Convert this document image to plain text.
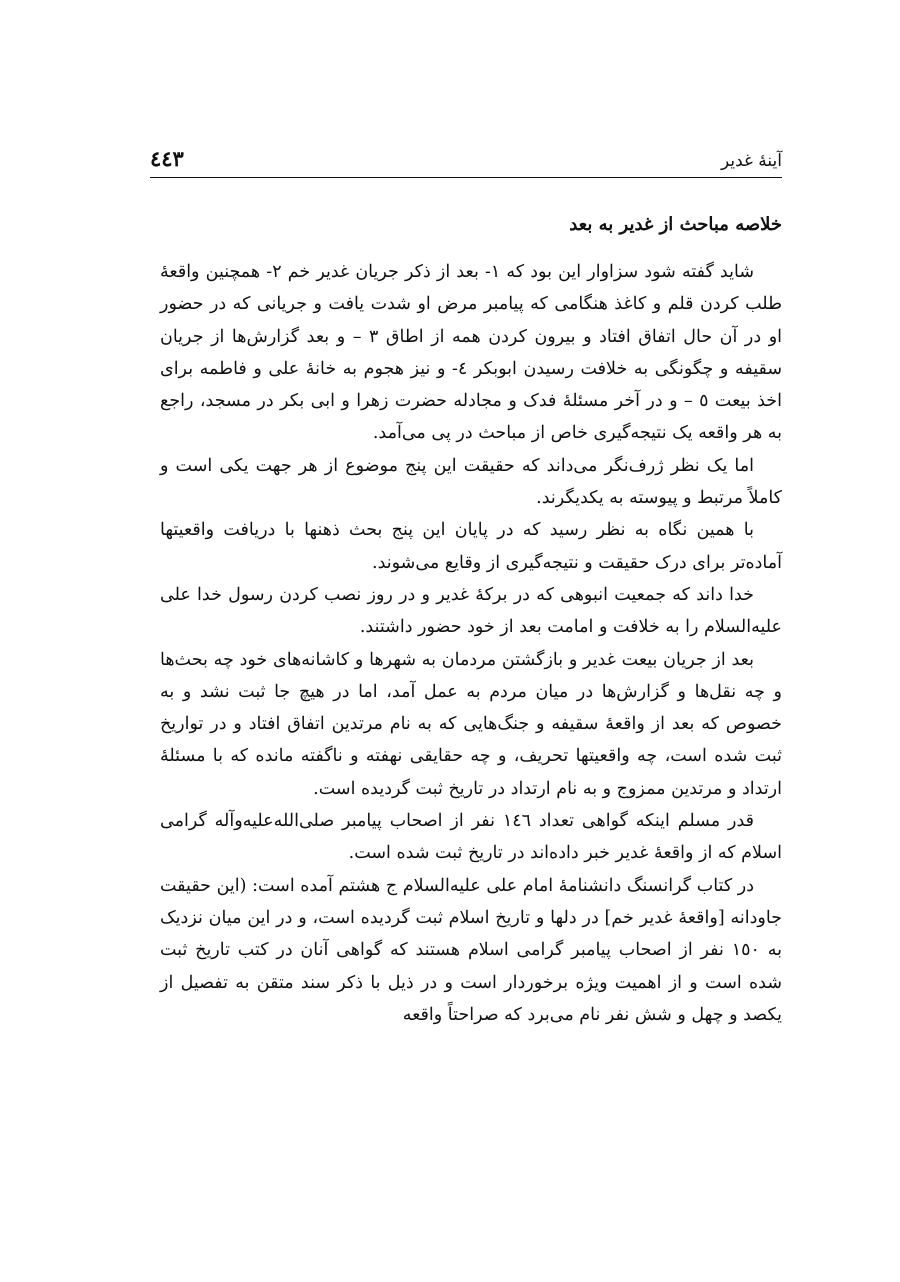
آینهٔ غدیر
٤٤٣
خلاصه مباحث از غدیر به بعد

شاید گفته شود سزاوار این بود که ۱- بعد از ذکر جریان غدیر خم ۲- همچنین واقعهٔ طلب کردن قلم و کاغذ هنگامی که پیامبر مرض او شدت یافت و جریانی که در حضور او در آن حال اتفاق افتاد و بیرون کردن همه از اطاق ۳ – و بعد گزارش‌ها از جریان سقیفه و چگونگی به خلافت رسیدن ابوبکر ٤- و نیز هجوم به خانهٔ علی و فاطمه برای اخذ بیعت ٥ – و در آخر مسئلهٔ فدک و مجادله حضرت زهرا و ابی بکر در مسجد، راجع به هر واقعه یک نتیجه‌گیری خاص از مباحث در پی می‌آمد.

اما یک نظر ژرف‌نگر می‌داند که حقیقت این پنج موضوع از هر جهت یکی است و کاملاً مرتبط و پیوسته به یکدیگرند.

با همین نگاه به نظر رسید که در پایان این پنج بحث ذهنها با دریافت واقعیتها آماده‌تر برای درک حقیقت و نتیجه‌گیری از وقایع می‌شوند.

خدا داند که جمعیت انبوهی که در برکهٔ غدیر و در روز نصب کردن رسول خدا علی عليه‌السلام را به خلافت و امامت بعد از خود حضور داشتند.

بعد از جریان بیعت غدیر و بازگشتن مردمان به شهرها و کاشانه‌های خود چه بحث‌ها و چه نقل‌ها و گزارش‌ها در میان مردم به عمل آمد، اما در هیچ جا ثبت نشد و به خصوص که بعد از واقعهٔ سقیفه و جنگ‌هایی که به نام مرتدین اتفاق افتاد و در تواریخ ثبت شده است، چه واقعیتها تحریف، و چه حقایقی نهفته و ناگفته مانده که با مسئلهٔ ارتداد و مرتدین ممزوج و به نام ارتداد در تاریخ ثبت گردیده است.

قدر مسلم اینکه گواهی تعداد ١٤٦ نفر از اصحاب پیامبر صلی‌الله‌علیه‌وآله گرامی اسلام که از واقعهٔ غدیر خبر داده‌اند در تاریخ ثبت شده است.

در کتاب گرانسنگ دانشنامهٔ امام علی عليه‌السلام ج هشتم آمده است: (این حقیقت جاودانه [واقعهٔ غدیر خم] در دلها و تاریخ اسلام ثبت گردیده است، و در این میان نزدیک به ١٥٠ نفر از اصحاب پیامبر گرامی اسلام هستند که گواهی آنان در کتب تاریخ ثبت شده است و از اهمیت ویژه برخوردار است و در ذیل با ذکر سند متقن به تفصیل از یکصد و چهل و شش نفر نام می‌برد که صراحتاً واقعه
